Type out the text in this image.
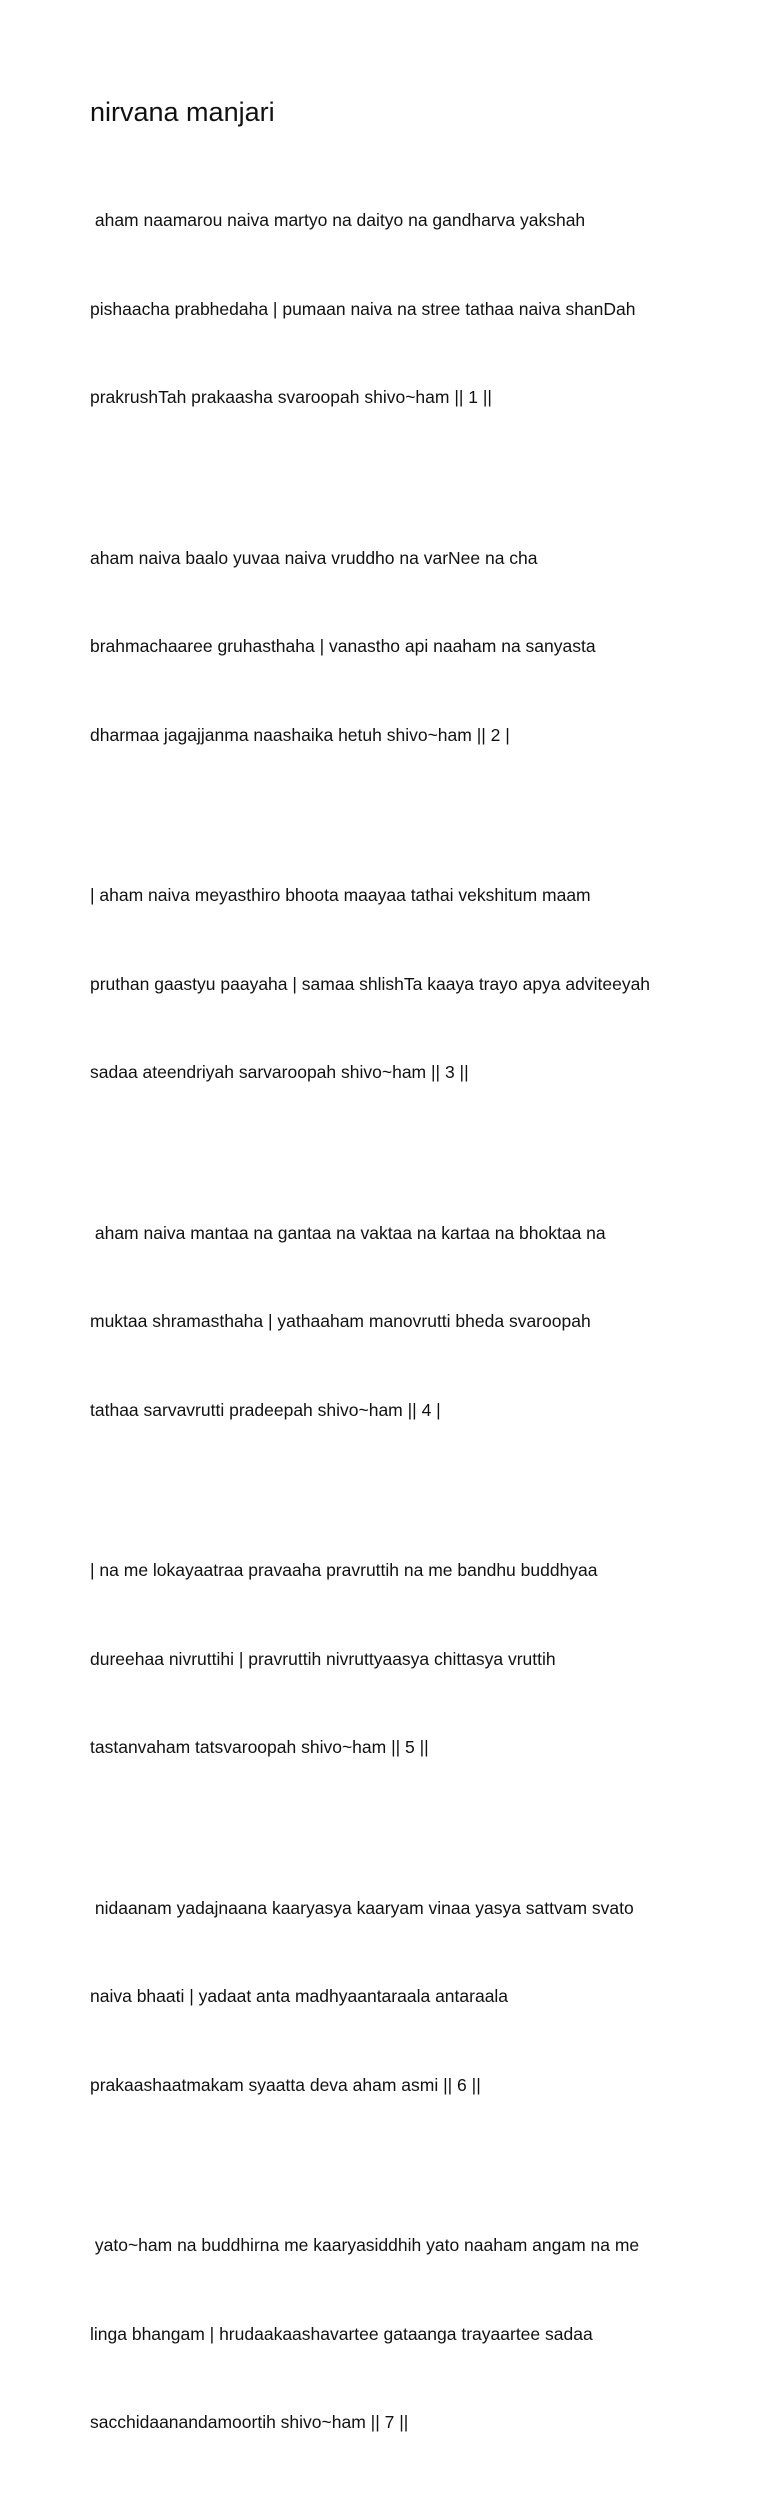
nirvana manjari

aham naamarou naiva martyo na daityo na gandharva yakshah

pishaacha prabhedaha | pumaan naiva na stree tathaa naiva shanDah

prakrushTah prakaasha svaroopah shivo~ham || 1 ||

aham naiva baalo yuvaa naiva vruddho na varNee na cha

brahmachaaree gruhasthaha | vanastho api naaham na sanyasta

dharmaa jagajjanma naashaika hetuh shivo~ham || 2 |

| aham naiva meyasthiro bhoota maayaa tathai vekshitum maam

pruthan gaastyu paayaha | samaa shlishTa kaaya trayo apya adviteeyah

sadaa ateendriyah sarvaroopah shivo~ham || 3 ||

aham naiva mantaa na gantaa na vaktaa na kartaa na bhoktaa na

muktaa shramasthaha | yathaaham manovrutti bheda svaroopah

tathaa sarvavrutti pradeepah shivo~ham || 4 |

| na me lokayaatraa pravaaha pravruttih na me bandhu buddhyaa

dureehaa nivruttihi | pravruttih nivruttyaasya chittasya vruttih

tastanvaham tatsvaroopah shivo~ham || 5 ||

nidaanam yadajnaana kaaryasya kaaryam vinaa yasya sattvam svato

naiva bhaati | yadaat anta madhyaantaraala antaraala

prakaashaatmakam syaatta deva aham asmi || 6 ||

yato~ham na buddhirna me kaaryasiddhih yato naaham angam na me

linga bhangam | hrudaakaashavartee gataanga trayaartee sadaa

sacchidaanandamoortih shivo~ham || 7 ||
